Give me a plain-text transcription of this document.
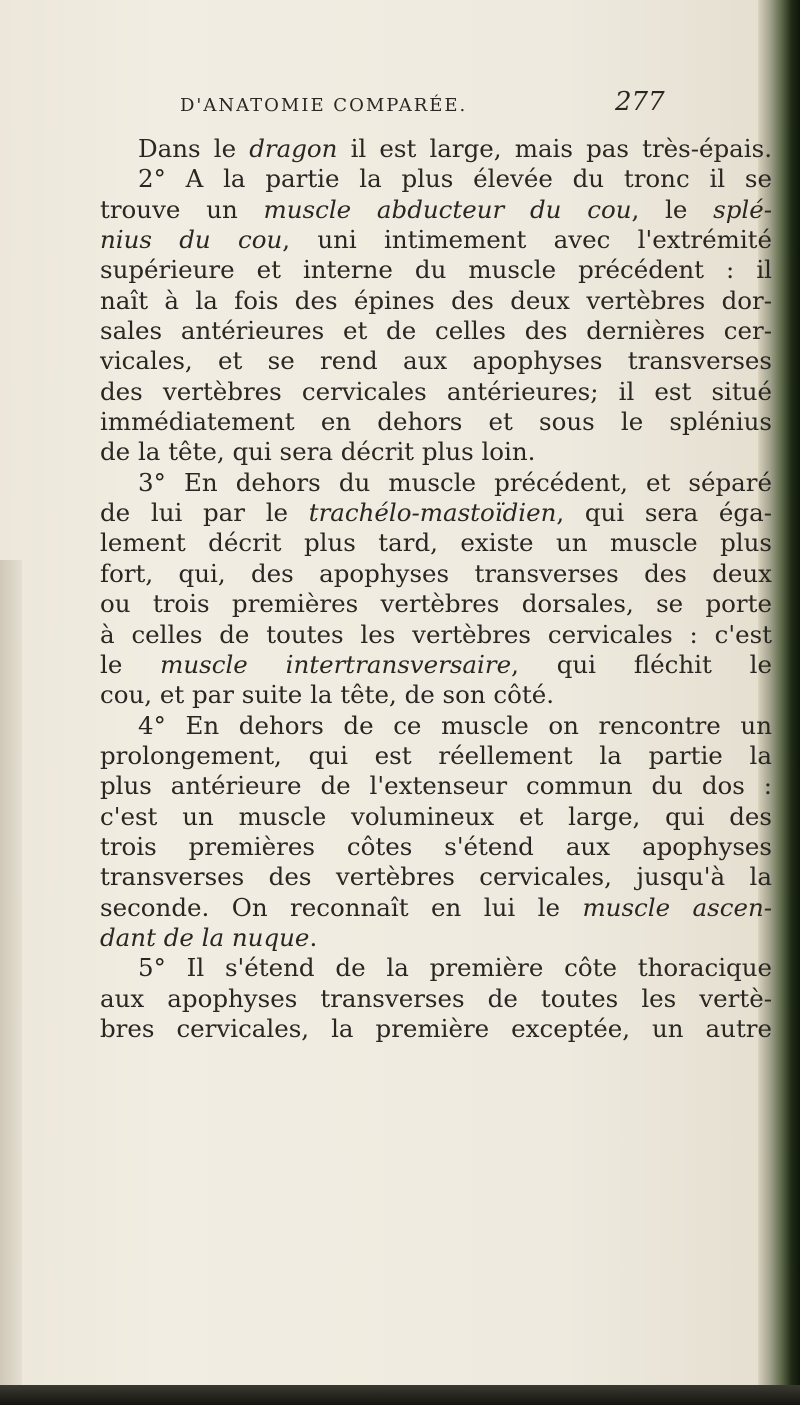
D'ANATOMIE COMPARÉE.	277
Dans le dragon il est large, mais pas très-épais.
2° A la partie la plus élevée du tronc il se
trouve un muscle abducteur du cou, le splé-
nius du cou, uni intimement avec l'extrémité
supérieure et interne du muscle précédent : il
naît à la fois des épines des deux vertèbres dor-
sales antérieures et de celles des dernières cer-
vicales, et se rend aux apophyses transverses
des vertèbres cervicales antérieures; il est situé
immédiatement en dehors et sous le splénius
de la tête, qui sera décrit plus loin.
3° En dehors du muscle précédent, et séparé
de lui par le trachélo-mastoïdien, qui sera éga-
lement décrit plus tard, existe un muscle plus
fort, qui, des apophyses transverses des deux
ou trois premières vertèbres dorsales, se porte
à celles de toutes les vertèbres cervicales : c'est
le muscle intertransversaire, qui fléchit le
cou, et par suite la tête, de son côté.
4° En dehors de ce muscle on rencontre un
prolongement, qui est réellement la partie la
plus antérieure de l'extenseur commun du dos :
c'est un muscle volumineux et large, qui des
trois premières côtes s'étend aux apophyses
transverses des vertèbres cervicales, jusqu'à la
seconde. On reconnaît en lui le muscle ascen-
dant de la nuque.
5° Il s'étend de la première côte thoracique
aux apophyses transverses de toutes les vertè-
bres cervicales, la première exceptée, un autre
